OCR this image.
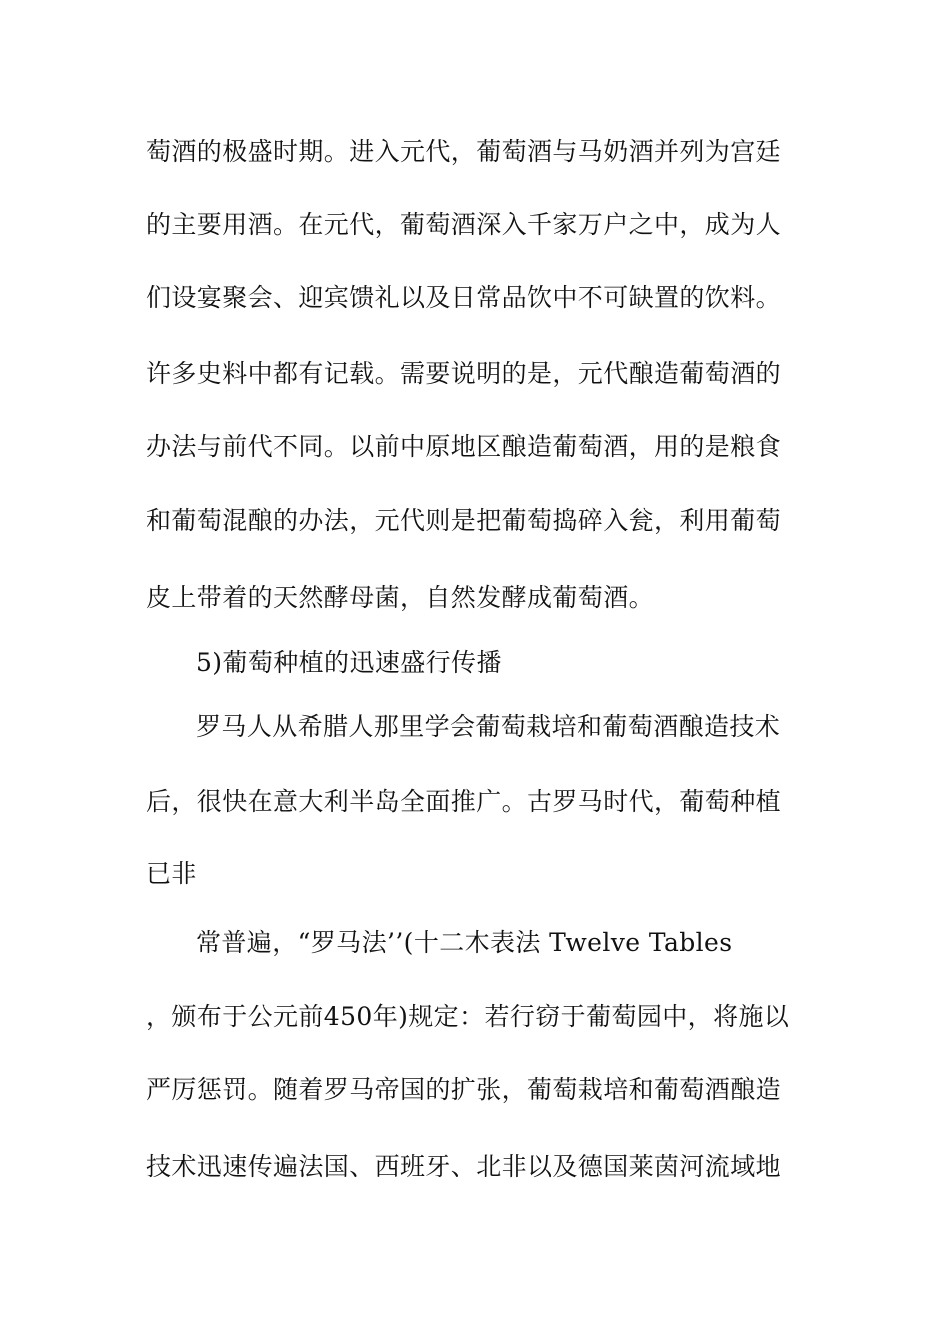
萄酒的极盛时期。进入元代，葡萄酒与马奶酒并列为宫廷
的主要用酒。在元代，葡萄酒深入千家万户之中，成为人
们设宴聚会、迎宾馈礼以及日常品饮中不可缺置的饮料。
许多史料中都有记载。需要说明的是，元代酿造葡萄酒的
办法与前代不同。以前中原地区酿造葡萄酒，用的是粮食
和葡萄混酿的办法，元代则是把葡萄捣碎入瓮，利用葡萄
皮上带着的天然酵母菌，自然发酵成葡萄酒。
5)葡萄种植的迅速盛行传播
罗马人从希腊人那里学会葡萄栽培和葡萄酒酿造技术
后，很快在意大利半岛全面推广。古罗马时代，葡萄种植
已非
常普遍，“罗马法’’(十二木表法 Twelve Tables
，颁布于公元前450年)规定：若行窃于葡萄园中，将施以
严厉惩罚。随着罗马帝国的扩张，葡萄栽培和葡萄酒酿造
技术迅速传遍法国、西班牙、北非以及德国莱茵河流域地
